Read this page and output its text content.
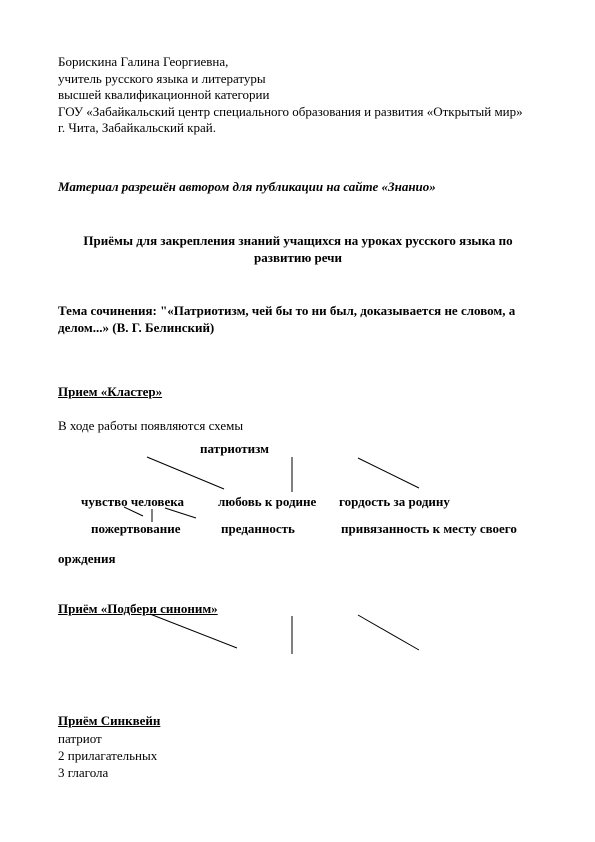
Борискина Галина Георгиевна,
учитель русского языка и литературы
высшей квалификационной категории
ГОУ «Забайкальский центр специального образования и развития «Открытый мир»
г. Чита, Забайкальский край.
Материал разрешён автором для публикации на сайте «Знанио»
Приёмы для закрепления знаний учащихся на уроках русского языка по развитию речи
Тема сочинения: "«Патриотизм, чей бы то ни был, доказывается не словом, а делом...» (В. Г. Белинский)
Прием «Кластер»
В ходе работы появляются схемы
патриотизм
чувство человека	любовь к родине гордость за родину
пожертвование	преданность	привязанность к месту своего
орждения
Приём «Подбери синоним»
Приём Синквейн
патриот
2 прилагательных
3 глагола
